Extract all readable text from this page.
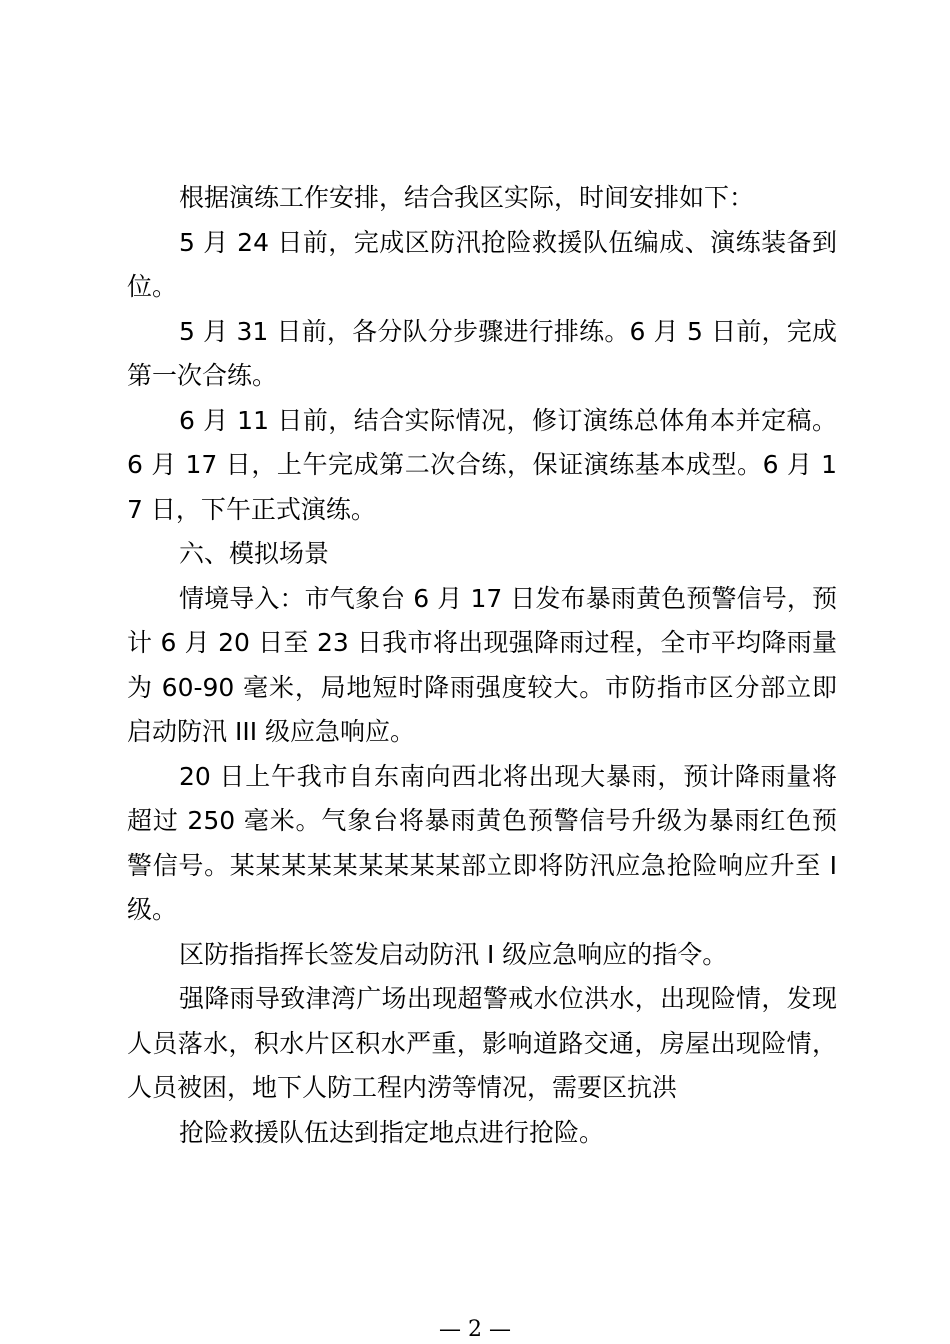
根据演练工作安排，结合我区实际，时间安排如下：

5 月 24 日前，完成区防汛抢险救援队伍编成、演练装备到位。

5 月 31 日前，各分队分步骤进行排练。6 月 5 日前，完成第一次合练。

6 月 11 日前，结合实际情况，修订演练总体角本并定稿。6 月 17 日，上午完成第二次合练，保证演练基本成型。6 月 17 日，下午正式演练。

六、模拟场景

情境导入：市气象台 6 月 17 日发布暴雨黄色预警信号，预计 6 月 20 日至 23 日我市将出现强降雨过程，全市平均降雨量为 60-90 毫米，局地短时降雨强度较大。市防指市区分部立即启动防汛 III 级应急响应。

20 日上午我市自东南向西北将出现大暴雨，预计降雨量将超过 250 毫米。气象台将暴雨黄色预警信号升级为暴雨红色预警信号。某某某某某某某某某部立即将防汛应急抢险响应升至 I 级。

区防指指挥长签发启动防汛 I 级应急响应的指令。

强降雨导致津湾广场出现超警戒水位洪水，出现险情，发现人员落水，积水片区积水严重，影响道路交通，房屋出现险情，人员被困，地下人防工程内涝等情况，需要区抗洪

抢险救援队伍达到指定地点进行抢险。

— 2 —
